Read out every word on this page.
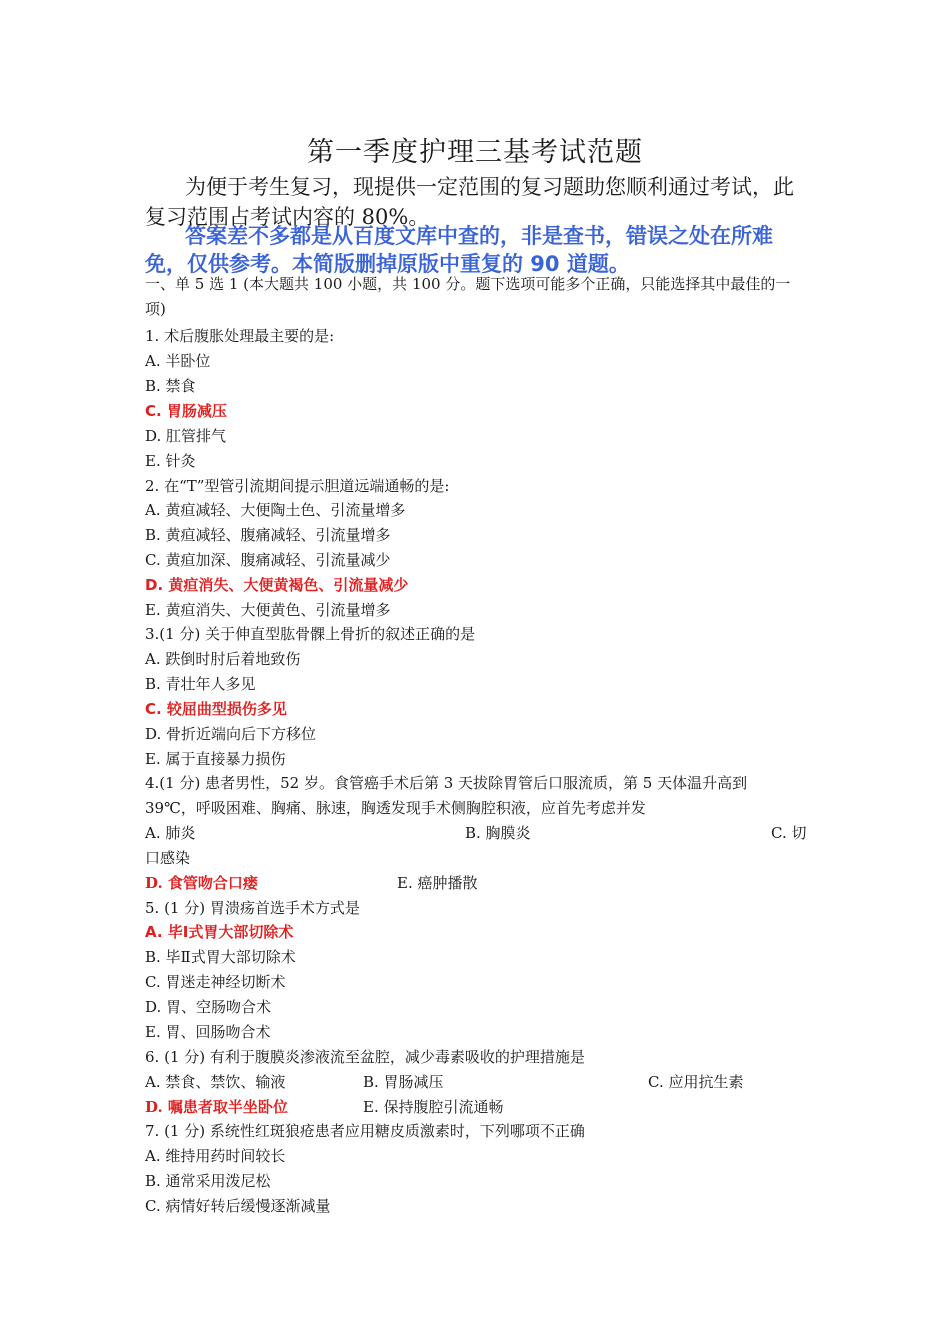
第一季度护理三基考试范题
为便于考生复习，现提供一定范围的复习题助您顺利通过考试，此复习范围占考试内容的 80%。
答案差不多都是从百度文库中查的，非是查书，错误之处在所难免，仅供参考。本简版删掉原版中重复的 90 道题。
一、单 5 选 1 (本大题共 100 小题，共 100 分。题下选项可能多个正确，只能选择其中最佳的一项)
1. 术后腹胀处理最主要的是:
A. 半卧位
B. 禁食
C. 胃肠减压
D. 肛管排气
E. 针灸
2. 在“T”型管引流期间提示胆道远端通畅的是:
A. 黄疸减轻、大便陶土色、引流量增多
B. 黄疸减轻、腹痛减轻、引流量增多
C. 黄疸加深、腹痛减轻、引流量减少
D. 黄疸消失、大便黄褐色、引流量减少
E. 黄疸消失、大便黄色、引流量增多
3.(1 分) 关于伸直型肱骨髁上骨折的叙述正确的是
A. 跌倒时肘后着地致伤
B. 青壮年人多见
C. 较屈曲型损伤多见
D. 骨折近端向后下方移位
E. 属于直接暴力损伤
4.(1 分) 患者男性，52 岁。食管癌手术后第 3 天拔除胃管后口服流质，第 5 天体温升高到
39℃，呼吸困难、胸痛、脉速，胸透发现手术侧胸腔积液，应首先考虑并发
A. 肺炎	B. 胸膜炎	C. 切
口感染
D. 食管吻合口瘘	E. 癌肿播散
5. (1 分) 胃溃疡首选手术方式是
A. 毕Ⅰ式胃大部切除术
B. 毕Ⅱ式胃大部切除术
C. 胃迷走神经切断术
D. 胃、空肠吻合术
E. 胃、回肠吻合术
6. (1 分) 有利于腹膜炎渗液流至盆腔，减少毒素吸收的护理措施是
A. 禁食、禁饮、输液	B. 胃肠减压	C. 应用抗生素
D. 嘱患者取半坐卧位	E. 保持腹腔引流通畅
7. (1 分) 系统性红斑狼疮患者应用糖皮质激素时，下列哪项不正确
A. 维持用药时间较长
B. 通常采用泼尼松
C. 病情好转后缓慢逐渐减量
